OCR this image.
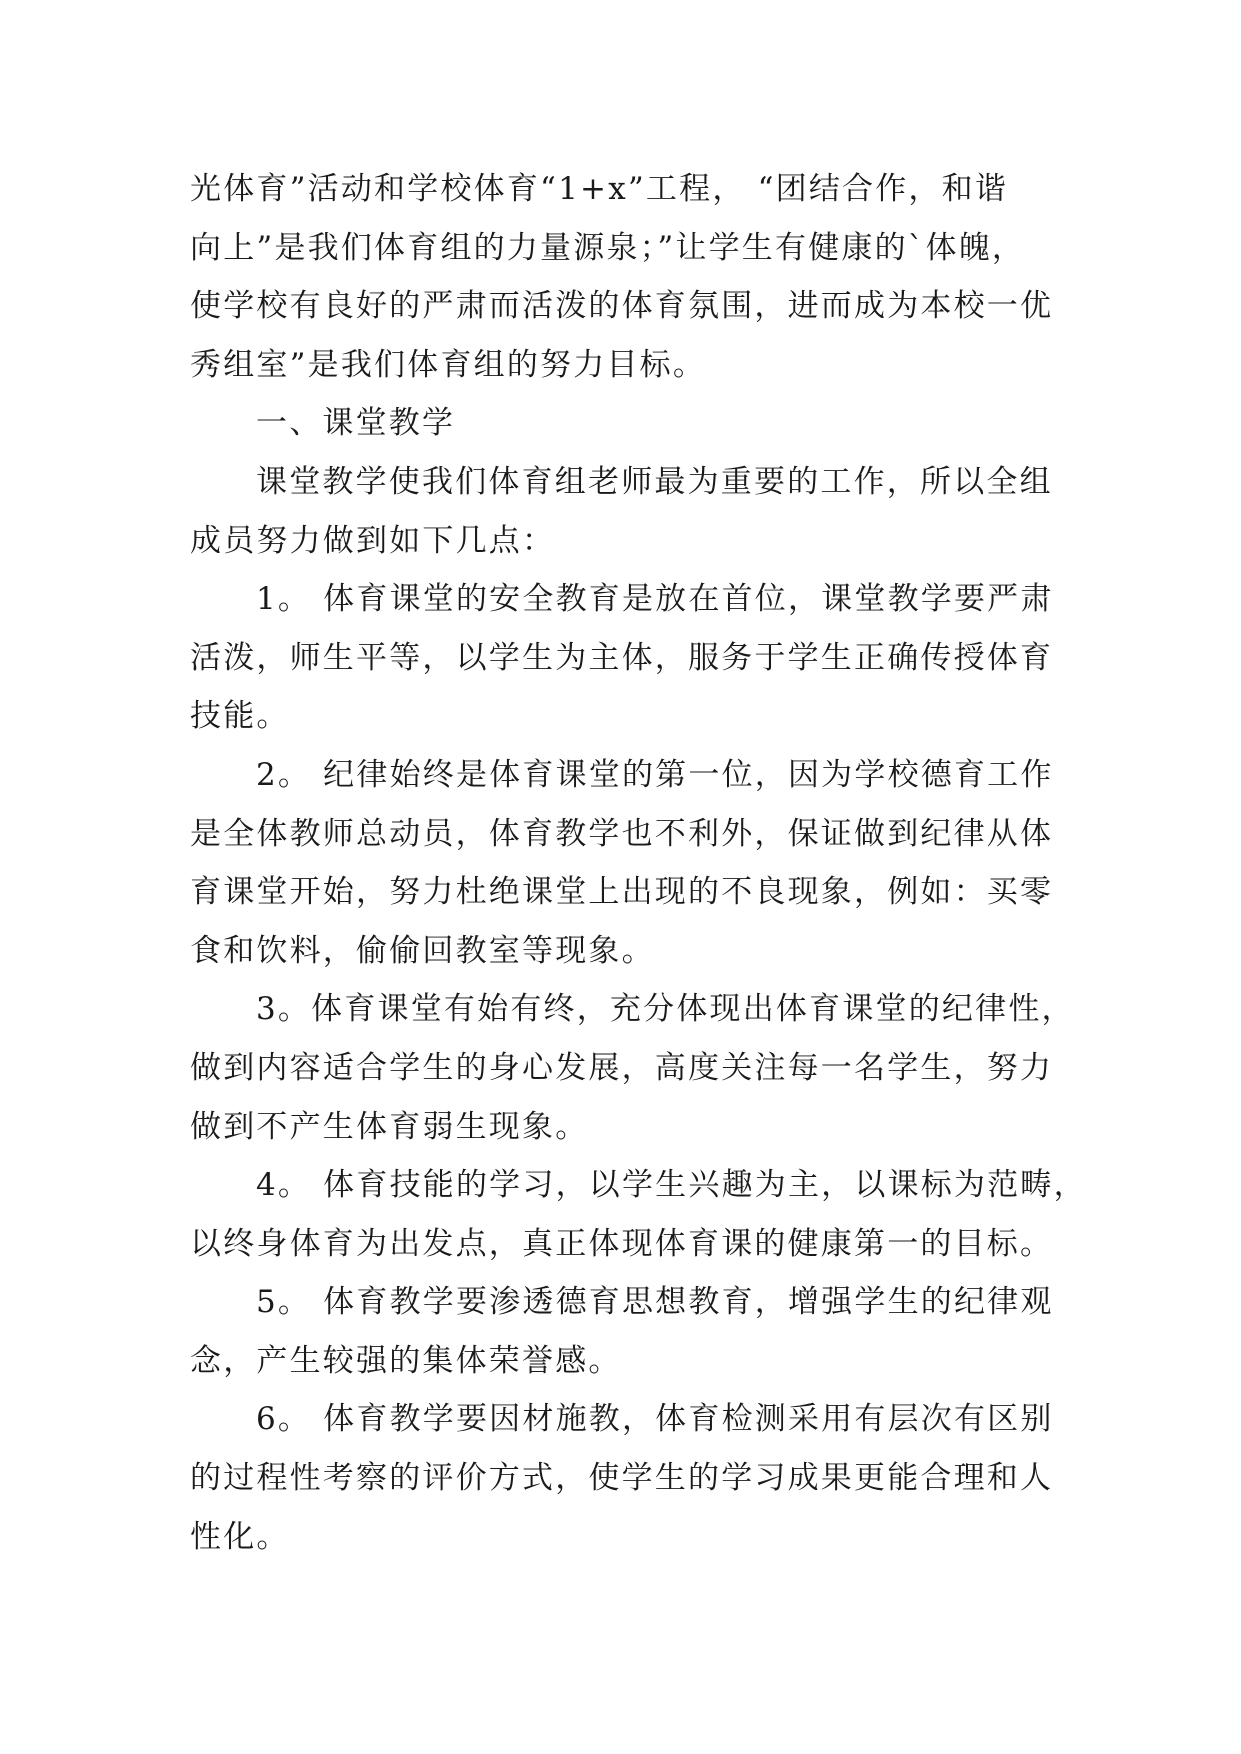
光体育”活动和学校体育“1+x”工程， “团结合作，和谐
向上”是我们体育组的力量源泉；”让学生有健康的`体魄，
使学校有良好的严肃而活泼的体育氛围，进而成为本校一优
秀组室”是我们体育组的努力目标。

一、课堂教学

课堂教学使我们体育组老师最为重要的工作，所以全组
成员努力做到如下几点：

1。 体育课堂的安全教育是放在首位，课堂教学要严肃
活泼，师生平等，以学生为主体，服务于学生正确传授体育
技能。

2。 纪律始终是体育课堂的第一位，因为学校德育工作
是全体教师总动员，体育教学也不利外，保证做到纪律从体
育课堂开始，努力杜绝课堂上出现的不良现象，例如：买零
食和饮料，偷偷回教室等现象。

3。体育课堂有始有终，充分体现出体育课堂的纪律性，
做到内容适合学生的身心发展，高度关注每一名学生，努力
做到不产生体育弱生现象。

4。 体育技能的学习，以学生兴趣为主，以课标为范畴，
以终身体育为出发点，真正体现体育课的健康第一的目标。

5。 体育教学要渗透德育思想教育，增强学生的纪律观
念，产生较强的集体荣誉感。

6。 体育教学要因材施教，体育检测采用有层次有区别
的过程性考察的评价方式，使学生的学习成果更能合理和人
性化。
